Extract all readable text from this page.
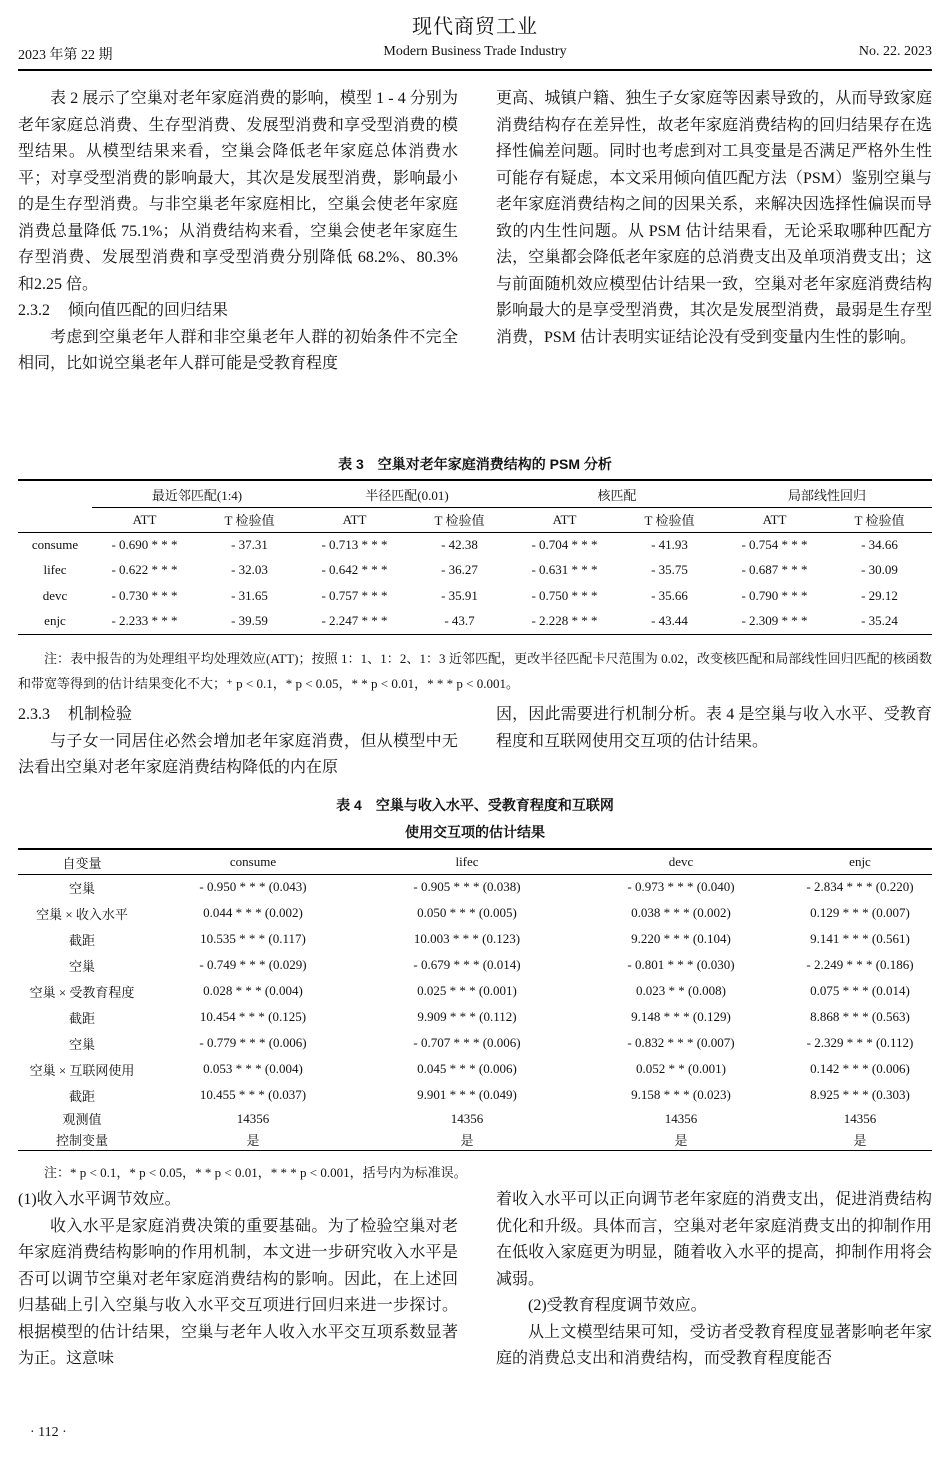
现代商贸工业
2023 年第 22 期	Modern Business Trade Industry	No. 22. 2023

表 2 展示了空巢对老年家庭消费的影响，模型 1 - 4 分别为老年家庭总消费、生存型消费、发展型消费和享受型消费的模型结果。从模型结果来看，空巢会降低老年家庭总体消费水平；对享受型消费的影响最大，其次是发展型消费，影响最小的是生存型消费。与非空巢老年家庭相比，空巢会使老年家庭消费总量降低 75.1%；从消费结构来看，空巢会使老年家庭生存型消费、发展型消费和享受型消费分别降低 68.2%、80.3% 和2.25 倍。

2.3.2 倾向值匹配的回归结果

考虑到空巢老年人群和非空巢老年人群的初始条件不完全相同，比如说空巢老年人群可能是受教育程度

更高、城镇户籍、独生子女家庭等因素导致的，从而导致家庭消费结构存在差异性，故老年家庭消费结构的回归结果存在选择性偏差问题。同时也考虑到对工具变量是否满足严格外生性可能存有疑虑，本文采用倾向值匹配方法（PSM）鉴别空巢与老年家庭消费结构之间的因果关系，来解决因选择性偏误而导致的内生性问题。从 PSM 估计结果看，无论采取哪种匹配方法，空巢都会降低老年家庭的总消费支出及单项消费支出；这与前面随机效应模型估计结果一致，空巢对老年家庭消费结构影响最大的是享受型消费，其次是发展型消费，最弱是生存型消费，PSM 估计表明实证结论没有受到变量内生性的影响。

表 3　空巢对老年家庭消费结构的 PSM 分析
	最近邻匹配(1:4)		半径匹配(0.01)		核匹配		局部线性回归	
	ATT	T 检验值	ATT	T 检验值	ATT	T 检验值	ATT	T 检验值
consume	- 0.690 * * *	- 37.31	- 0.713 * * *	- 42.38	- 0.704 * * *	- 41.93	- 0.754 * * *	- 34.66
lifec	- 0.622 * * *	- 32.03	- 0.642 * * *	- 36.27	- 0.631 * * *	- 35.75	- 0.687 * * *	- 30.09
devc	- 0.730 * * *	- 31.65	- 0.757 * * *	- 35.91	- 0.750 * * *	- 35.66	- 0.790 * * *	- 29.12
enjc	- 2.233 * * *	- 39.59	- 2.247 * * *	- 43.7	- 2.228 * * *	- 43.44	- 2.309 * * *	- 35.24
注：表中报告的为处理组平均处理效应(ATT)；按照 1：1、1：2、1：3 近邻匹配，更改半径匹配卡尺范围为 0.02，改变核匹配和局部线性回归匹配的核函数和带宽等得到的估计结果变化不大；⁺ p < 0.1，* p < 0.05，* * p < 0.01，* * * p < 0.001。

2.3.3 机制检验

与子女一同居住必然会增加老年家庭消费，但从模型中无法看出空巢对老年家庭消费结构降低的内在原

因，因此需要进行机制分析。表 4 是空巢与收入水平、受教育程度和互联网使用交互项的估计结果。

表 4　空巢与收入水平、受教育程度和互联网
使用交互项的估计结果
自变量	consume	lifec	devc	enjc
空巢	- 0.950 * * * (0.043)	- 0.905 * * * (0.038)	- 0.973 * * * (0.040)	- 2.834 * * * (0.220)
空巢 × 收入水平	0.044 * * * (0.002)	0.050 * * * (0.005)	0.038 * * * (0.002)	0.129 * * * (0.007)
截距	10.535 * * * (0.117)	10.003 * * * (0.123)	9.220 * * * (0.104)	9.141 * * * (0.561)
空巢	- 0.749 * * * (0.029)	- 0.679 * * * (0.014)	- 0.801 * * * (0.030)	- 2.249 * * * (0.186)
空巢 × 受教育程度	0.028 * * * (0.004)	0.025 * * * (0.001)	0.023 * * (0.008)	0.075 * * * (0.014)
截距	10.454 * * * (0.125)	9.909 * * * (0.112)	9.148 * * * (0.129)	8.868 * * * (0.563)
空巢	- 0.779 * * * (0.006)	- 0.707 * * * (0.006)	- 0.832 * * * (0.007)	- 2.329 * * * (0.112)
空巢 × 互联网使用	0.053 * * * (0.004)	0.045 * * * (0.006)	0.052 * * (0.001)	0.142 * * * (0.006)
截距	10.455 * * * (0.037)	9.901 * * * (0.049)	9.158 * * * (0.023)	8.925 * * * (0.303)
观测值	14356	14356	14356	14356
控制变量	是	是	是	是
注：* p < 0.1，* p < 0.05，* * p < 0.01，* * * p < 0.001，括号内为标准误。

(1)收入水平调节效应。

收入水平是家庭消费决策的重要基础。为了检验空巢对老年家庭消费结构影响的作用机制，本文进一步研究收入水平是否可以调节空巢对老年家庭消费结构的影响。因此，在上述回归基础上引入空巢与收入水平交互项进行回归来进一步探讨。根据模型的估计结果，空巢与老年人收入水平交互项系数显著为正。这意味

着收入水平可以正向调节老年家庭的消费支出，促进消费结构优化和升级。具体而言，空巢对老年家庭消费支出的抑制作用在低收入家庭更为明显，随着收入水平的提高，抑制作用将会减弱。

(2)受教育程度调节效应。

从上文模型结果可知，受访者受教育程度显著影响老年家庭的消费总支出和消费结构，而受教育程度能否

· 112 ·
